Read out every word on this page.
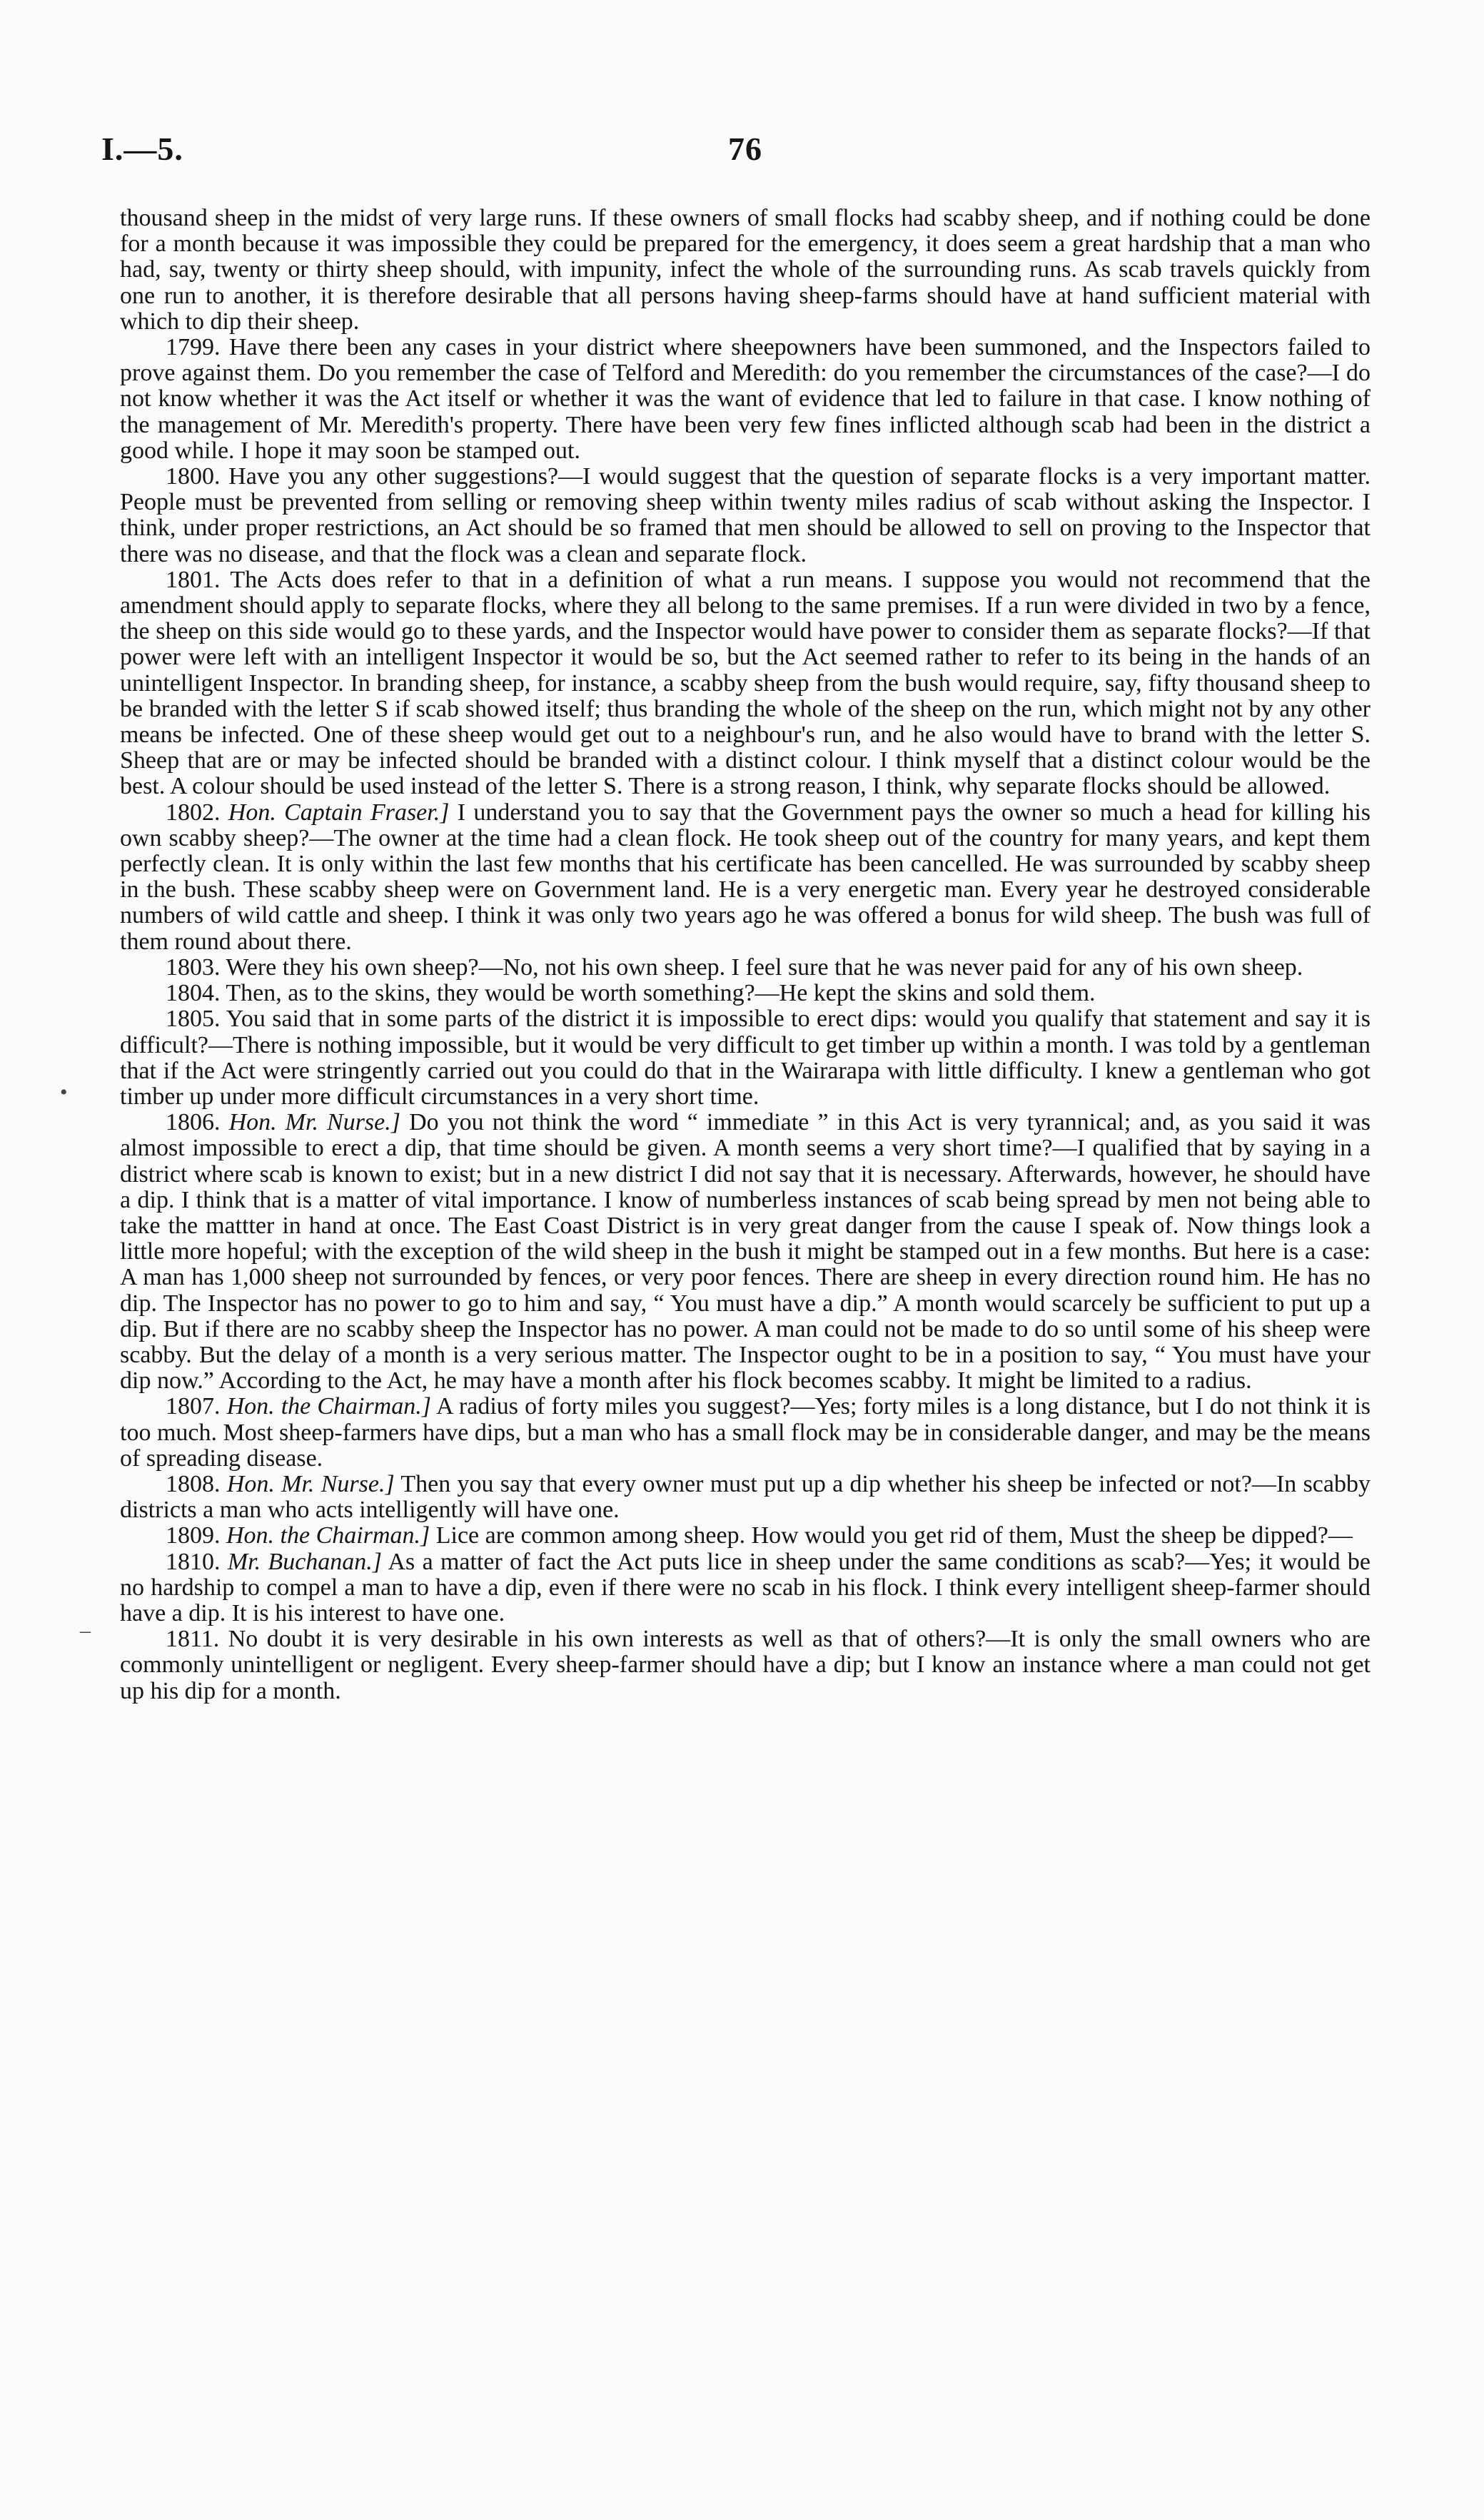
I.—5.	76

thousand sheep in the midst of very large runs. If these owners of small flocks had scabby sheep, and if nothing could be done for a month because it was impossible they could be prepared for the emergency, it does seem a great hardship that a man who had, say, twenty or thirty sheep should, with impunity, infect the whole of the surrounding runs. As scab travels quickly from one run to another, it is therefore desirable that all persons having sheep-farms should have at hand sufficient material with which to dip their sheep.

1799. Have there been any cases in your district where sheepowners have been summoned, and the Inspectors failed to prove against them. Do you remember the case of Telford and Meredith: do you remember the circumstances of the case?—I do not know whether it was the Act itself or whether it was the want of evidence that led to failure in that case. I know nothing of the management of Mr. Meredith's property. There have been very few fines inflicted although scab had been in the district a good while. I hope it may soon be stamped out.

1800. Have you any other suggestions?—I would suggest that the question of separate flocks is a very important matter. People must be prevented from selling or removing sheep within twenty miles radius of scab without asking the Inspector. I think, under proper restrictions, an Act should be so framed that men should be allowed to sell on proving to the Inspector that there was no disease, and that the flock was a clean and separate flock.

1801. The Acts does refer to that in a definition of what a run means. I suppose you would not recommend that the amendment should apply to separate flocks, where they all belong to the same premises. If a run were divided in two by a fence, the sheep on this side would go to these yards, and the Inspector would have power to consider them as separate flocks?—If that power were left with an intelligent Inspector it would be so, but the Act seemed rather to refer to its being in the hands of an unintelligent Inspector. In branding sheep, for instance, a scabby sheep from the bush would require, say, fifty thousand sheep to be branded with the letter S if scab showed itself; thus branding the whole of the sheep on the run, which might not by any other means be infected. One of these sheep would get out to a neighbour's run, and he also would have to brand with the letter S. Sheep that are or may be infected should be branded with a distinct colour. I think myself that a distinct colour would be the best. A colour should be used instead of the letter S. There is a strong reason, I think, why separate flocks should be allowed.

1802. Hon. Captain Fraser.] I understand you to say that the Government pays the owner so much a head for killing his own scabby sheep?—The owner at the time had a clean flock. He took sheep out of the country for many years, and kept them perfectly clean. It is only within the last few months that his certificate has been cancelled. He was surrounded by scabby sheep in the bush. These scabby sheep were on Government land. He is a very energetic man. Every year he destroyed considerable numbers of wild cattle and sheep. I think it was only two years ago he was offered a bonus for wild sheep. The bush was full of them round about there.

1803. Were they his own sheep?—No, not his own sheep. I feel sure that he was never paid for any of his own sheep.

1804. Then, as to the skins, they would be worth something?—He kept the skins and sold them.

1805. You said that in some parts of the district it is impossible to erect dips: would you qualify that statement and say it is difficult?—There is nothing impossible, but it would be very difficult to get timber up within a month. I was told by a gentleman that if the Act were stringently carried out you could do that in the Wairarapa with little difficulty. I knew a gentleman who got timber up under more difficult circumstances in a very short time.

1806. Hon. Mr. Nurse.] Do you not think the word “ immediate ” in this Act is very tyrannical; and, as you said it was almost impossible to erect a dip, that time should be given. A month seems a very short time?—I qualified that by saying in a district where scab is known to exist; but in a new district I did not say that it is necessary. Afterwards, however, he should have a dip. I think that is a matter of vital importance. I know of numberless instances of scab being spread by men not being able to take the mattter in hand at once. The East Coast District is in very great danger from the cause I speak of. Now things look a little more hopeful; with the exception of the wild sheep in the bush it might be stamped out in a few months. But here is a case: A man has 1,000 sheep not surrounded by fences, or very poor fences. There are sheep in every direction round him. He has no dip. The Inspector has no power to go to him and say, “ You must have a dip.” A month would scarcely be sufficient to put up a dip. But if there are no scabby sheep the Inspector has no power. A man could not be made to do so until some of his sheep were scabby. But the delay of a month is a very serious matter. The Inspector ought to be in a position to say, “ You must have your dip now.” According to the Act, he may have a month after his flock becomes scabby. It might be limited to a radius.

1807. Hon. the Chairman.] A radius of forty miles you suggest?—Yes; forty miles is a long distance, but I do not think it is too much. Most sheep-farmers have dips, but a man who has a small flock may be in considerable danger, and may be the means of spreading disease.

1808. Hon. Mr. Nurse.] Then you say that every owner must put up a dip whether his sheep be infected or not?—In scabby districts a man who acts intelligently will have one.

1809. Hon. the Chairman.] Lice are common among sheep. How would you get rid of them, Must the sheep be dipped?—

1810. Mr. Buchanan.] As a matter of fact the Act puts lice in sheep under the same conditions as scab?—Yes; it would be no hardship to compel a man to have a dip, even if there were no scab in his flock. I think every intelligent sheep-farmer should have a dip. It is his interest to have one.

1811. No doubt it is very desirable in his own interests as well as that of others?—It is only the small owners who are commonly unintelligent or negligent. Every sheep-farmer should have a dip; but I know an instance where a man could not get up his dip for a month.

•
–
